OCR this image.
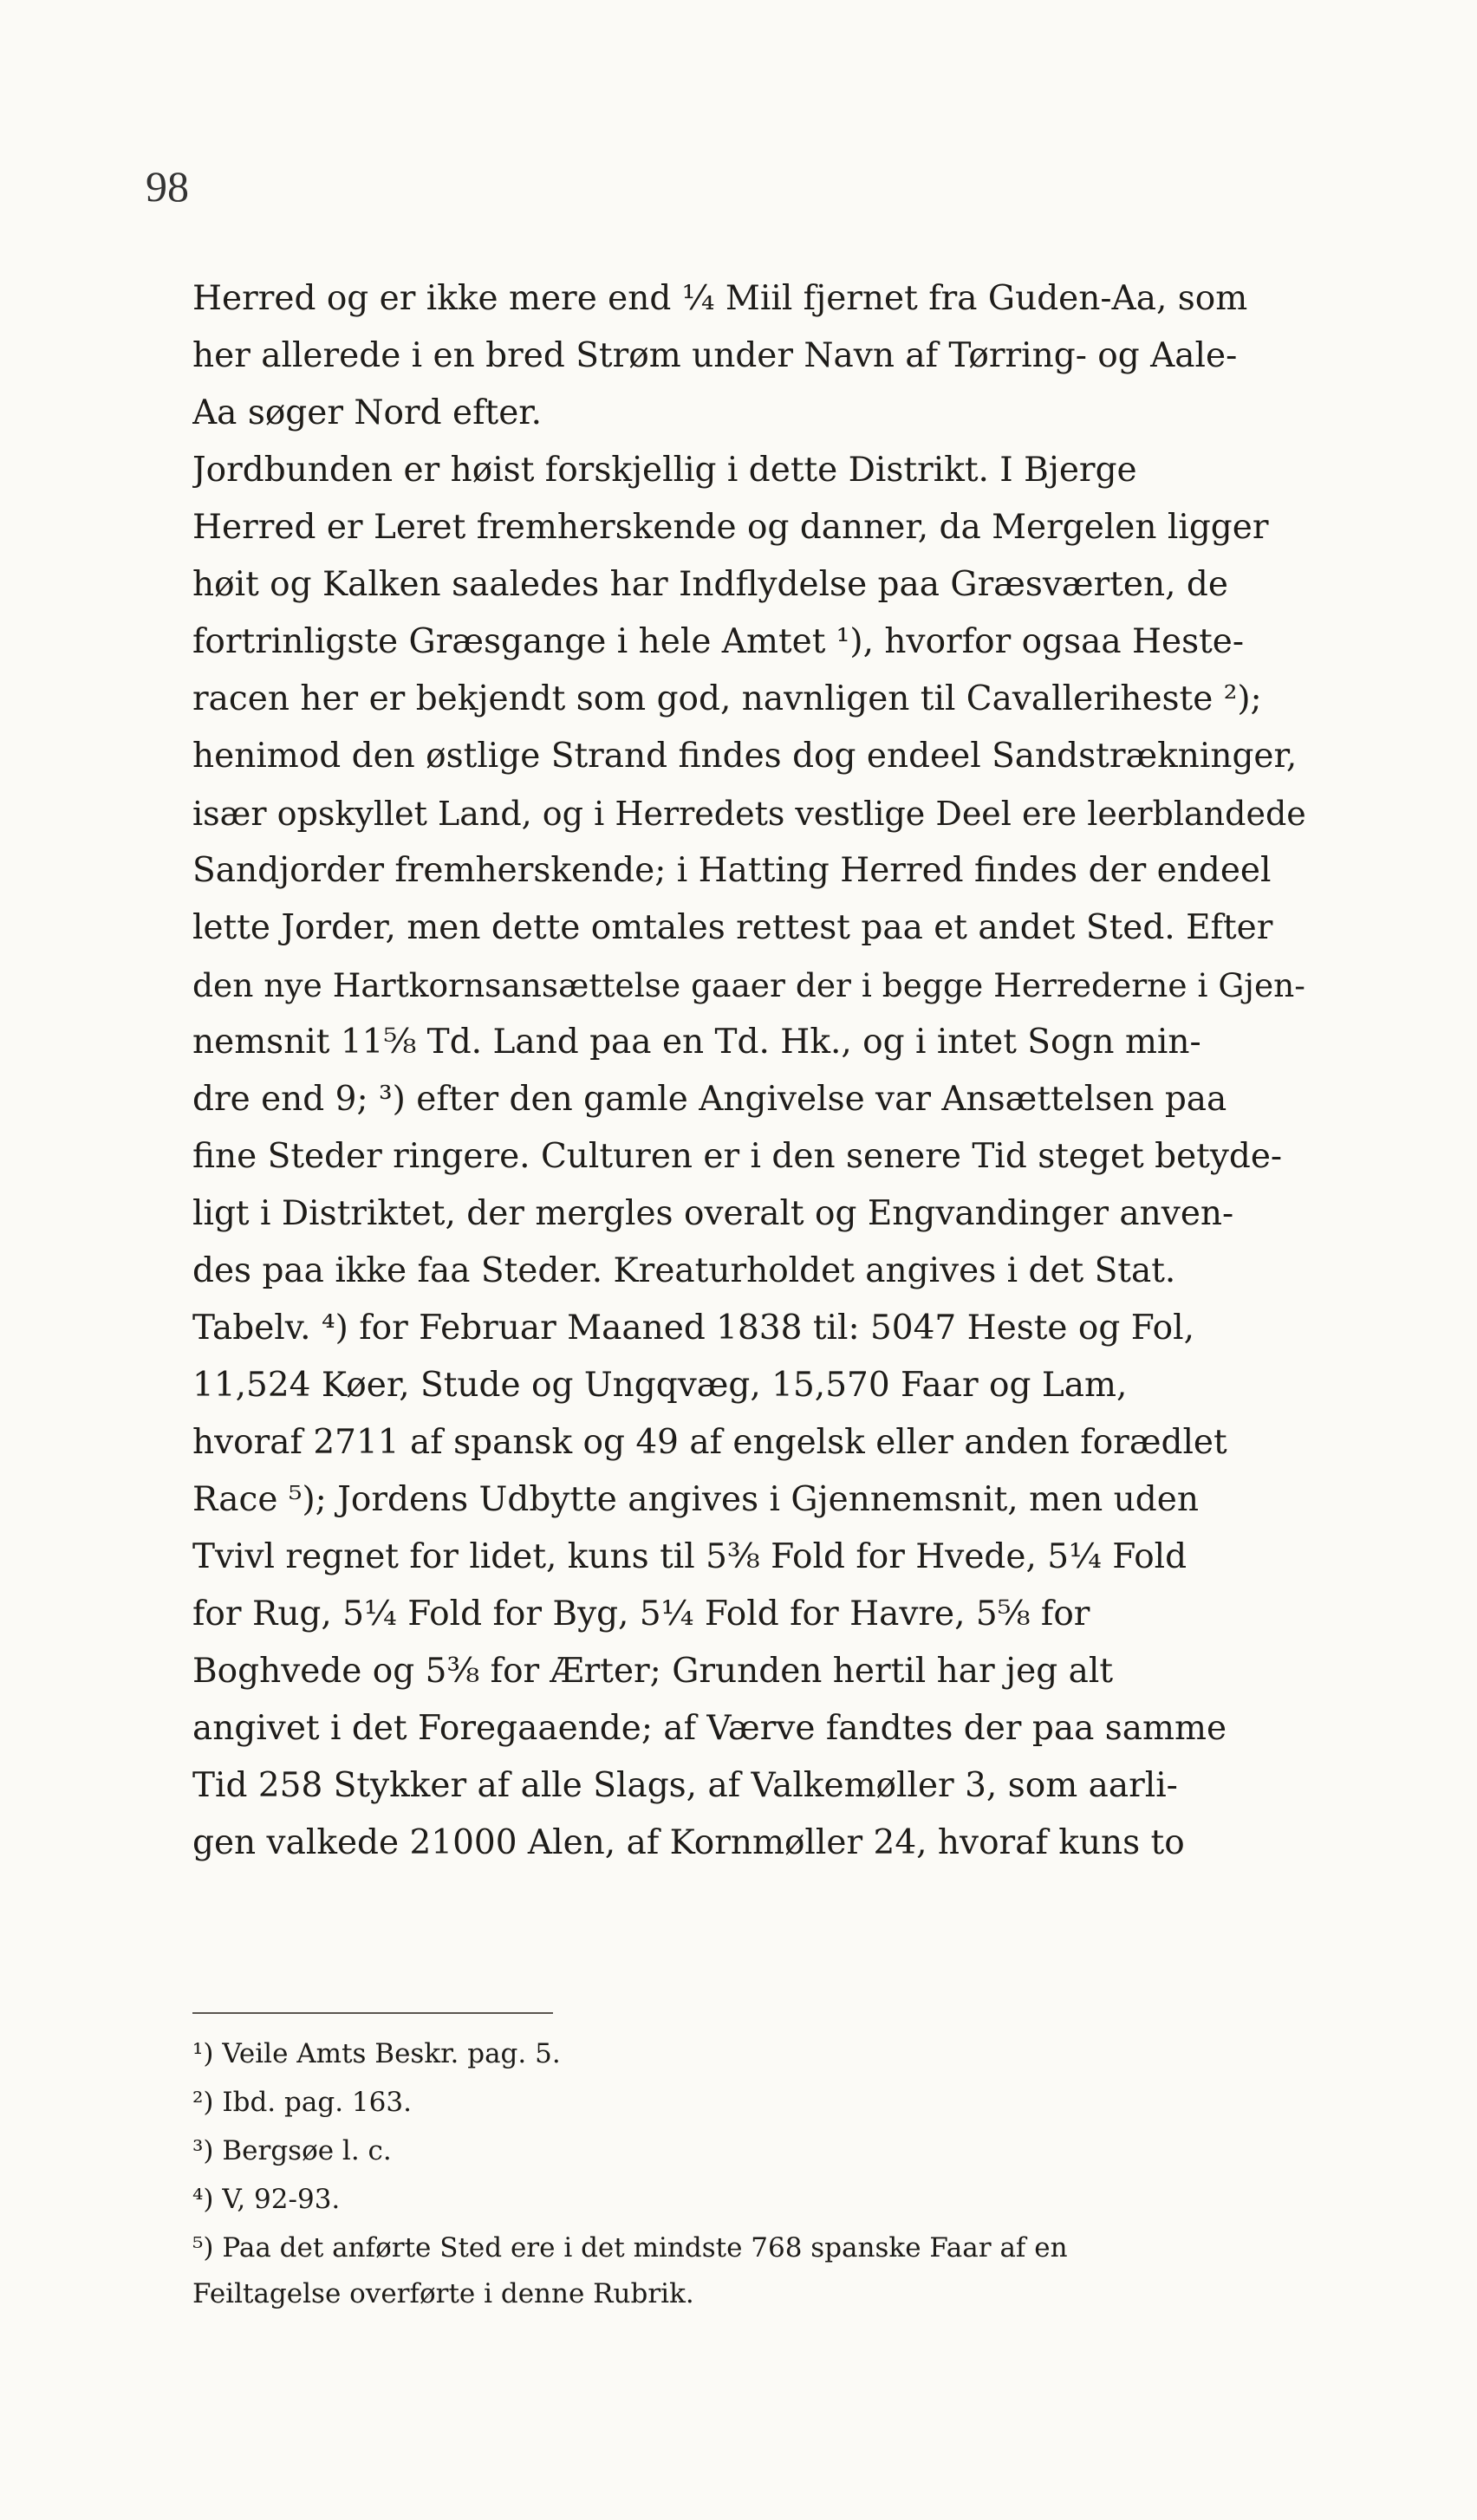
98
Herred og er ikke mere end ¼ Miil fjernet fra Guden-Aa, som
her allerede i en bred Strøm under Navn af Tørring- og Aale-
Aa søger Nord efter.
Jordbunden er høist forskjellig i dette Distrikt. I Bjerge
Herred er Leret fremherskende og danner, da Mergelen ligger
høit og Kalken saaledes har Indflydelse paa Græsværten, de
fortrinligste Græsgange i hele Amtet ¹), hvorfor ogsaa Heste-
racen her er bekjendt som god, navnligen til Cavalleriheste ²);
henimod den østlige Strand findes dog endeel Sandstrækninger,
især opskyllet Land, og i Herredets vestlige Deel ere leerblandede
Sandjorder fremherskende; i Hatting Herred findes der endeel
lette Jorder, men dette omtales rettest paa et andet Sted. Efter
den nye Hartkornsansættelse gaaer der i begge Herrederne i Gjen-
nemsnit 11⅝ Td. Land paa en Td. Hk., og i intet Sogn min-
dre end 9; ³) efter den gamle Angivelse var Ansættelsen paa
fine Steder ringere. Culturen er i den senere Tid steget betyde-
ligt i Distriktet, der mergles overalt og Engvandinger anven-
des paa ikke faa Steder. Kreaturholdet angives i det Stat.
Tabelv. ⁴) for Februar Maaned 1838 til: 5047 Heste og Fol,
11,524 Køer, Stude og Ungqvæg, 15,570 Faar og Lam,
hvoraf 2711 af spansk og 49 af engelsk eller anden forædlet
Race ⁵); Jordens Udbytte angives i Gjennemsnit, men uden
Tvivl regnet for lidet, kuns til 5⅜ Fold for Hvede, 5¼ Fold
for Rug, 5¼ Fold for Byg, 5¼ Fold for Havre, 5⅝ for
Boghvede og 5⅜ for Ærter; Grunden hertil har jeg alt
angivet i det Foregaaende; af Værve fandtes der paa samme
Tid 258 Stykker af alle Slags, af Valkemøller 3, som aarli-
gen valkede 21000 Alen, af Kornmøller 24, hvoraf kuns to
¹) Veile Amts Beskr. pag. 5.
²) Ibd. pag. 163.
³) Bergsøe l. c.
⁴) V, 92-93.
⁵) Paa det anførte Sted ere i det mindste 768 spanske Faar af en
Feiltagelse overførte i denne Rubrik.
